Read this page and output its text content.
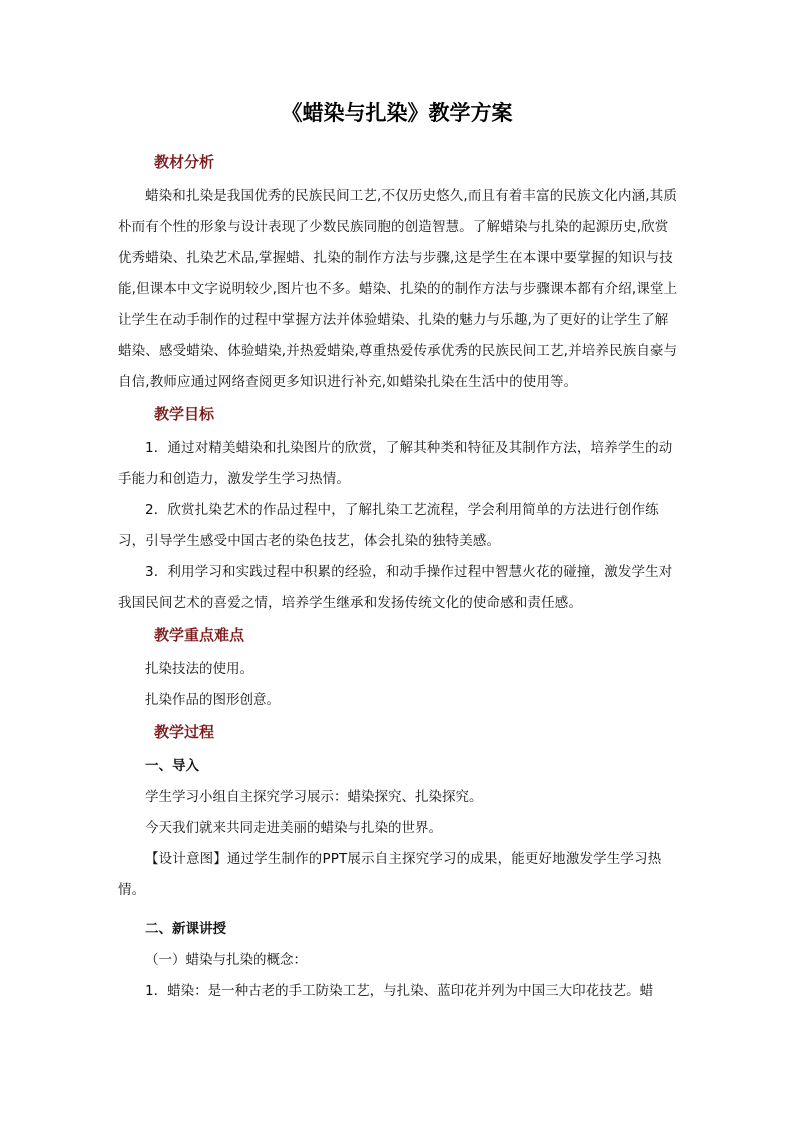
《蜡染与扎染》教学方案
教材分析

蜡染和扎染是我国优秀的民族民间工艺,不仅历史悠久,而且有着丰富的民族文化内涵,其质朴而有个性的形象与设计表现了少数民族同胞的创造智慧。了解蜡染与扎染的起源历史,欣赏优秀蜡染、扎染艺术品,掌握蜡、扎染的制作方法与步骤,这是学生在本课中要掌握的知识与技能,但课本中文字说明较少,图片也不多。蜡染、扎染的的制作方法与步骤课本都有介绍,课堂上让学生在动手制作的过程中掌握方法并体验蜡染、扎染的魅力与乐趣,为了更好的让学生了解蜡染、感受蜡染、体验蜡染,并热爱蜡染,尊重热爱传承优秀的民族民间工艺,并培养民族自豪与自信,教师应通过网络查阅更多知识进行补充,如蜡染扎染在生活中的使用等。

教学目标

1．通过对精美蜡染和扎染图片的欣赏，了解其种类和特征及其制作方法，培养学生的动手能力和创造力，激发学生学习热情。

2．欣赏扎染艺术的作品过程中，了解扎染工艺流程，学会利用简单的方法进行创作练习，引导学生感受中国古老的染色技艺，体会扎染的独特美感。

3．利用学习和实践过程中积累的经验，和动手操作过程中智慧火花的碰撞，激发学生对我国民间艺术的喜爱之情，培养学生继承和发扬传统文化的使命感和责任感。

教学重点难点

扎染技法的使用。

扎染作品的图形创意。

教学过程

一、导入

学生学习小组自主探究学习展示：蜡染探究、扎染探究。

今天我们就来共同走进美丽的蜡染与扎染的世界。

【设计意图】通过学生制作的PPT展示自主探究学习的成果，能更好地激发学生学习热情。

二、新课讲授

（一）蜡染与扎染的概念：

1．蜡染：是一种古老的手工防染工艺，与扎染、蓝印花并列为中国三大印花技艺。蜡
